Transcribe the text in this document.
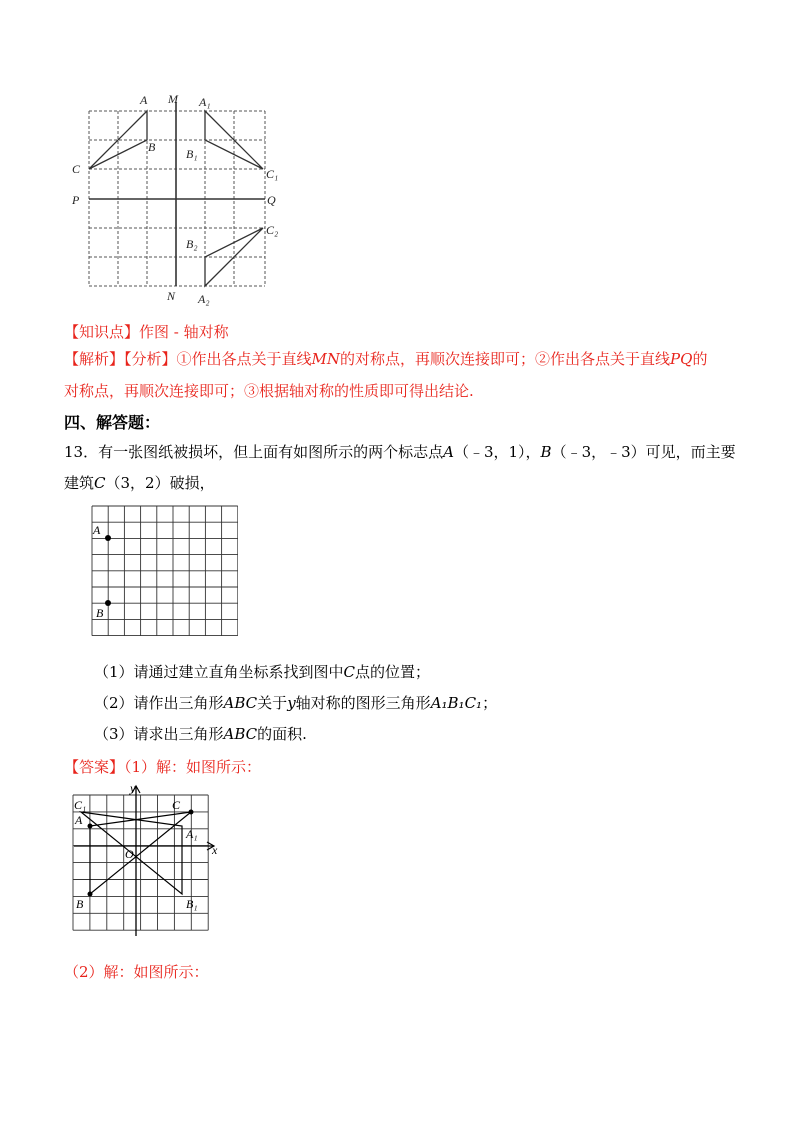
A M A₁
B	B₁
C	C₁
P	Q
B₂
C₂
N A₂
【知识点】作图 - 轴对称
【解析】【分析】①作出各点关于直线MN的对称点，再顺次连接即可；②作出各点关于直线PQ的
对称点，再顺次连接即可；③根据轴对称的性质即可得出结论.
四、解答题：
13．有一张图纸被损坏，但上面有如图所示的两个标志点A（﹣3，1），B（﹣3，﹣3）可见，而主要
建筑C（3，2）破损，
A
B
（1）请通过建立直角坐标系找到图中C点的位置；
（2）请作出三角形ABC关于y轴对称的图形三角形A₁B₁C₁；
（3）请求出三角形ABC的面积.
【答案】（1）解：如图所示：
y
x
C₁	C
A
A₁
O
B	B₁
（2）解：如图所示：
